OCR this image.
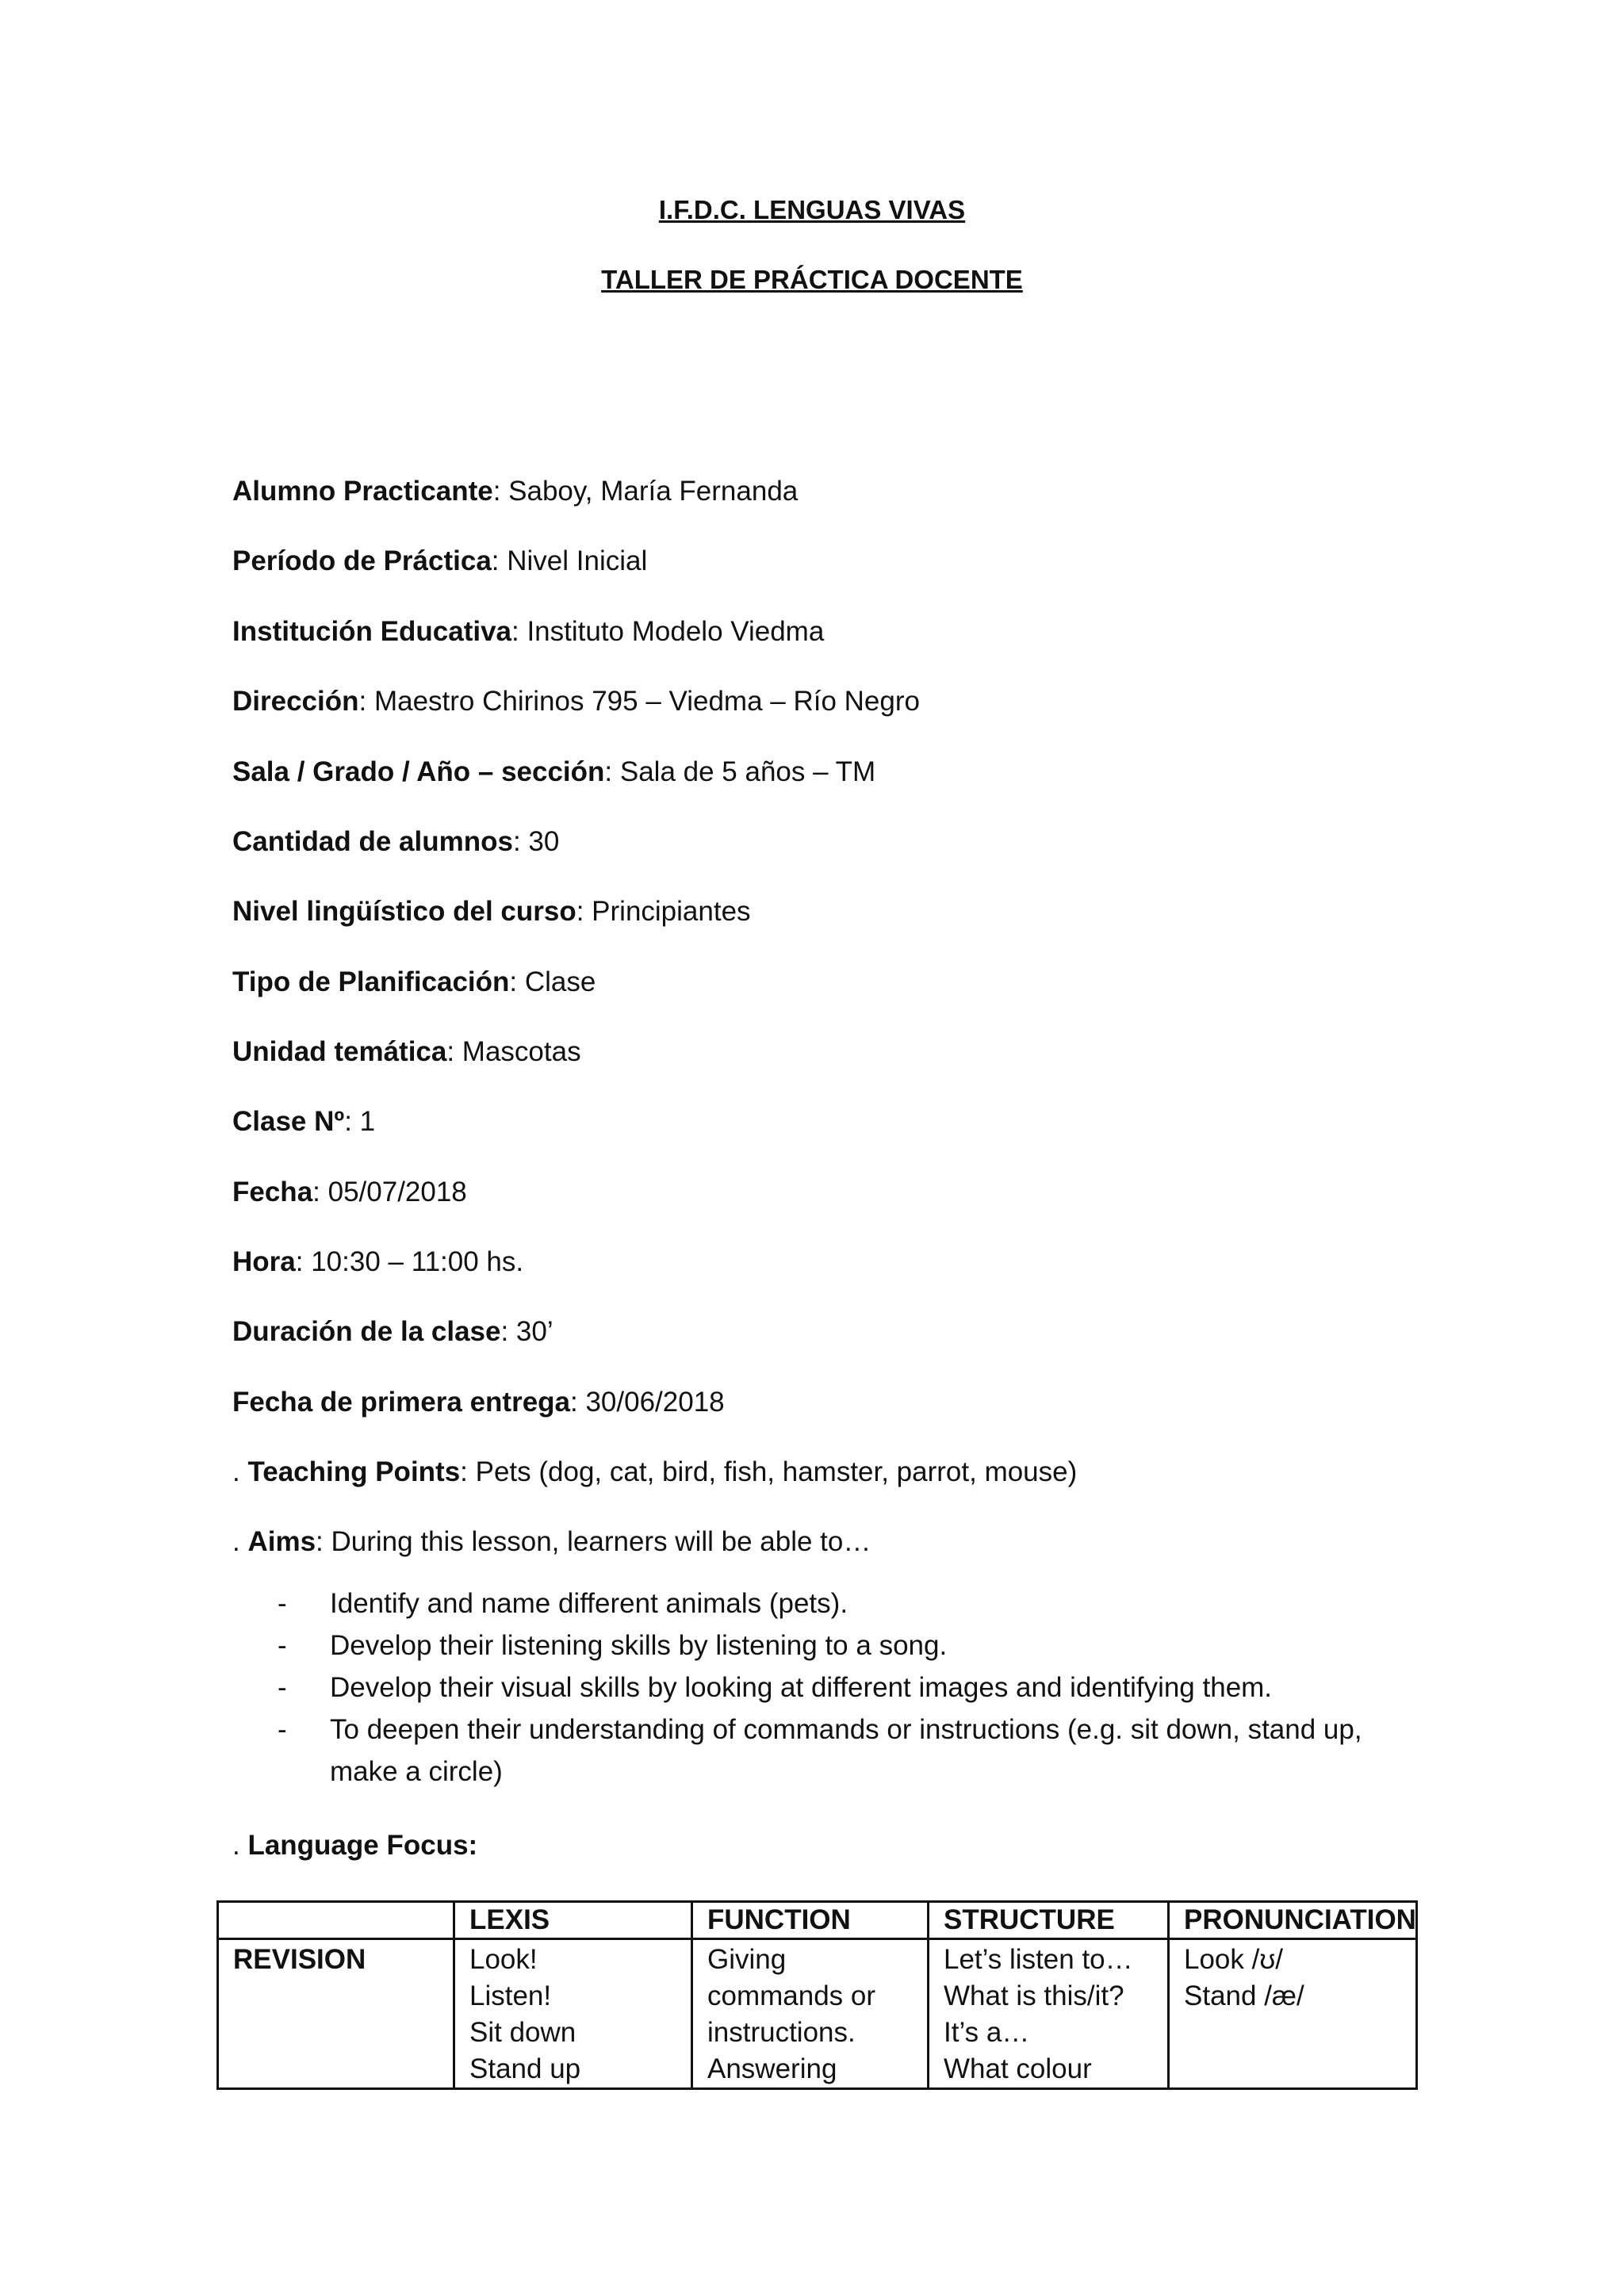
I.F.D.C. LENGUAS VIVAS
TALLER DE PRÁCTICA DOCENTE
Alumno Practicante: Saboy, María Fernanda
Período de Práctica: Nivel Inicial
Institución Educativa: Instituto Modelo Viedma
Dirección: Maestro Chirinos 795 – Viedma – Río Negro
Sala / Grado / Año – sección: Sala de 5 años – TM
Cantidad de alumnos: 30
Nivel lingüístico del curso: Principiantes
Tipo de Planificación: Clase
Unidad temática: Mascotas
Clase Nº: 1
Fecha: 05/07/2018
Hora: 10:30 – 11:00 hs.
Duración de la clase: 30’
Fecha de primera entrega: 30/06/2018
. Teaching Points: Pets (dog, cat, bird, fish, hamster, parrot, mouse)
. Aims: During this lesson, learners will be able to…
- Identify and name different animals (pets).
- Develop their listening skills by listening to a song.
- Develop their visual skills by looking at different images and identifying them.
- To deepen their understanding of commands or instructions (e.g. sit down, stand up, make a circle)
. Language Focus:
	LEXIS	FUNCTION	STRUCTURE	PRONUNCIATION
REVISION	Look!
Listen!
Sit down
Stand up	Giving
commands or
instructions.
Answering	Let’s listen to…
What is this/it?
It’s a…
What colour	Look /ʊ/
Stand /æ/
